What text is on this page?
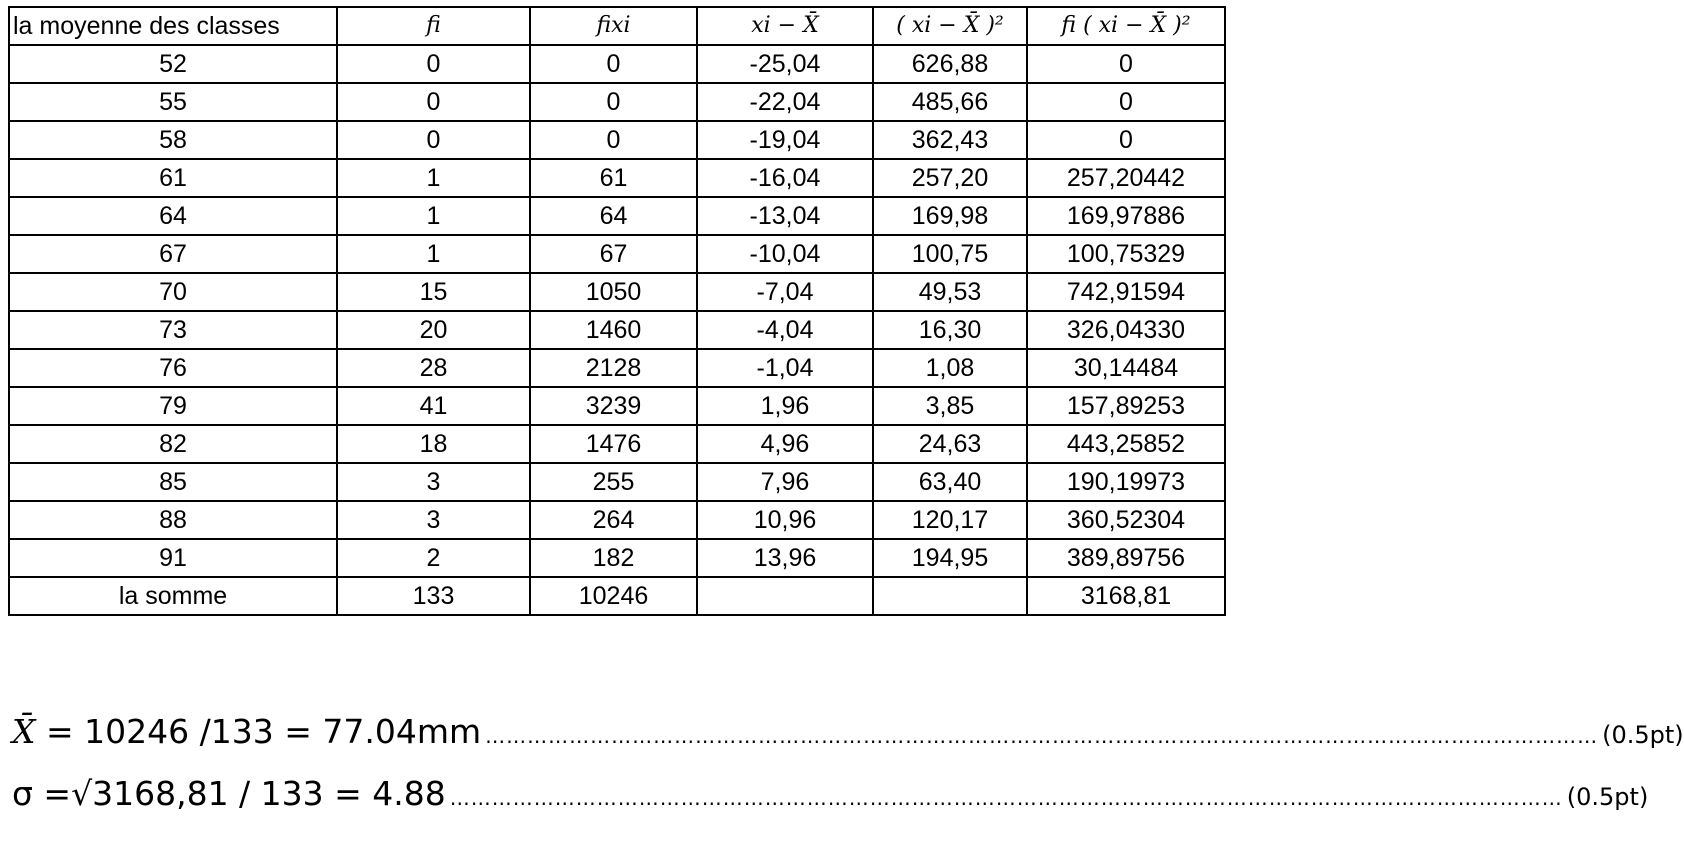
la moyenne des classes	fi	fixi	xi − X̄	( xi − X̄ )²	fi ( xi − X̄ )²
52	0	0	-25,04	626,88	0
55	0	0	-22,04	485,66	0
58	0	0	-19,04	362,43	0
61	1	61	-16,04	257,20	257,20442
64	1	64	-13,04	169,98	169,97886
67	1	67	-10,04	100,75	100,75329
70	15	1050	-7,04	49,53	742,91594
73	20	1460	-4,04	16,30	326,04330
76	28	2128	-1,04	1,08	30,14484
79	41	3239	1,96	3,85	157,89253
82	18	1476	4,96	24,63	443,25852
85	3	255	7,96	63,40	190,19973
88	3	264	10,96	120,17	360,52304
91	2	182	13,96	194,95	389,89756
la somme	133	10246			3168,81
X̄
= 10246 /133 = 77.04mm …………………………………………………………………………………………………………………………………………… (0.5pt)
σ
=√3168,81 / 133 = 4.88 …………………………………………………………………………………………………………………………………………… (0.5pt)
